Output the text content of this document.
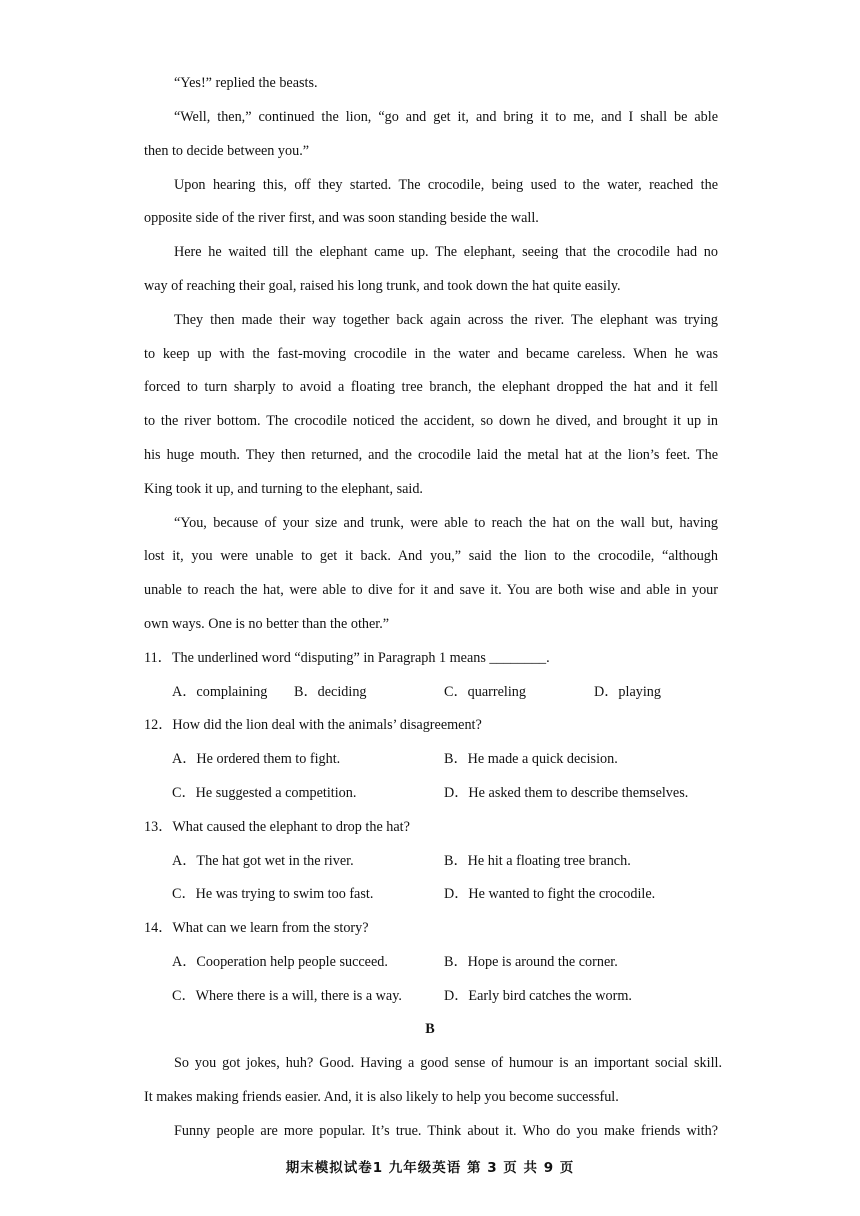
“Yes!” replied the beasts.
“Well, then,” continued the lion, “go and get it, and bring it to me, and I shall be able
then to decide between you.”
Upon hearing this, off they started. The crocodile, being used to the water, reached the
opposite side of the river first, and was soon standing beside the wall.
Here he waited till the elephant came up. The elephant, seeing that the crocodile had no
way of reaching their goal, raised his long trunk, and took down the hat quite easily.
They then made their way together back again across the river. The elephant was trying
to keep up with the fast-moving crocodile in the water and became careless. When he was
forced to turn sharply to avoid a floating tree branch, the elephant dropped the hat and it fell
to the river bottom. The crocodile noticed the accident, so down he dived, and brought it up in
his huge mouth. They then returned, and the crocodile laid the metal hat at the lion’s feet. The
King took it up, and turning to the elephant, said.
“You, because of your size and trunk, were able to reach the hat on the wall but, having
lost it, you were unable to get it back. And you,” said the lion to the crocodile, “although
unable to reach the hat, were able to dive for it and save it. You are both wise and able in your
own ways. One is no better than the other.”
11．The underlined word “disputing” in Paragraph 1 means ________.
A．complaining B．deciding	C．quarreling	D．playing
12．How did the lion deal with the animals’ disagreement?
A．He ordered them to fight.	B．He made a quick decision.
C．He suggested a competition.	D．He asked them to describe themselves.
13．What caused the elephant to drop the hat?
A．The hat got wet in the river.	B．He hit a floating tree branch.
C．He was trying to swim too fast.	D．He wanted to fight the crocodile.
14．What can we learn from the story?
A．Cooperation help people succeed.	B．Hope is around the corner.
C．Where there is a will, there is a way.	D．Early bird catches the worm.
B
So you got jokes, huh? Good. Having a good sense of humour is an important social skill.
It makes making friends easier. And, it is also likely to help you become successful.
Funny people are more popular. It’s true. Think about it. Who do you make friends with?
期末模拟试卷1 九年级英语 第 3 页 共 9 页
